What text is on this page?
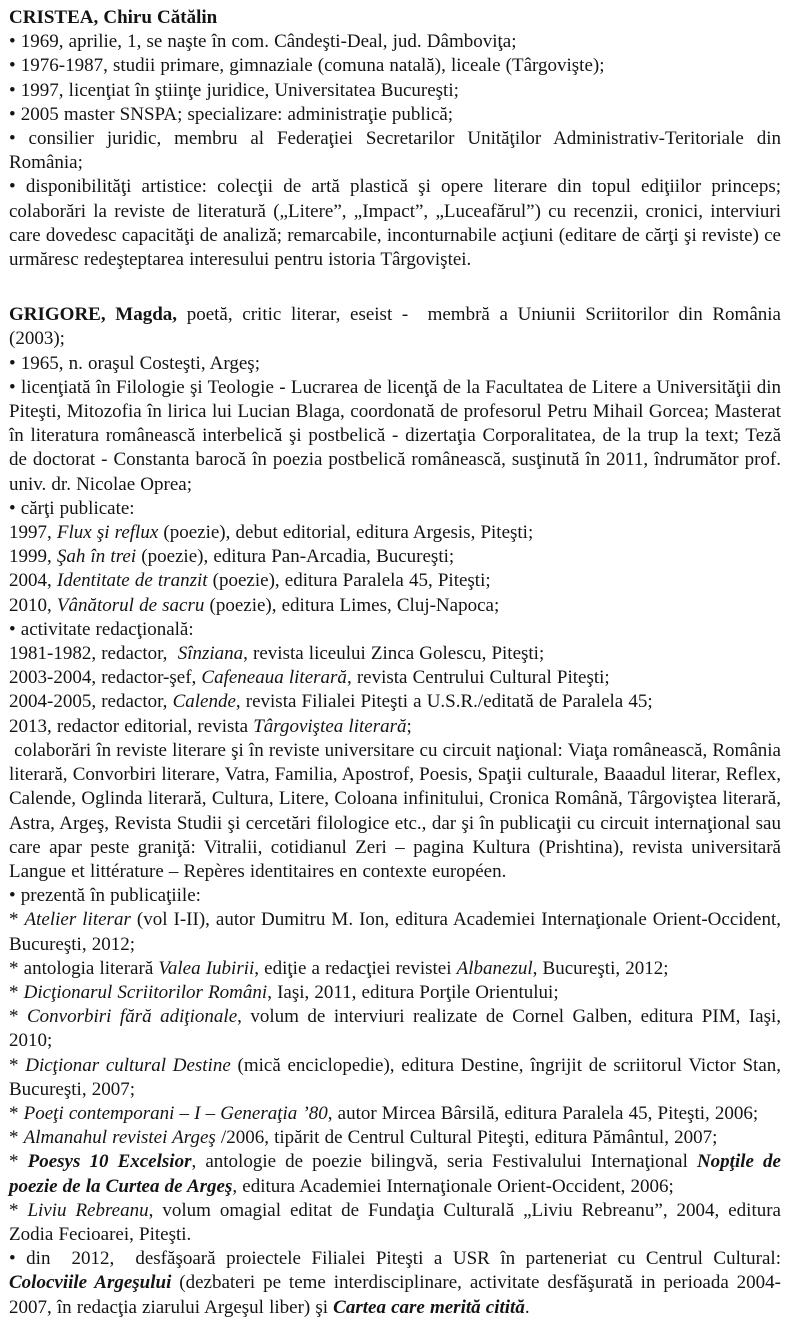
CRISTEA, Chiru Cătălin

• 1969, aprilie, 1, se naşte în com. Cândeşti-Deal, jud. Dâmboviţa;

• 1976-1987, studii primare, gimnaziale (comuna natală), liceale (Târgovişte);

• 1997, licenţiat în ştiinţe juridice, Universitatea Bucureşti;

• 2005 master SNSPA; specializare: administraţie publică;

• consilier juridic, membru al Federaţiei Secretarilor Unităţilor Administrativ-Teritoriale din România;

• disponibilităţi artistice: colecţii de artă plastică şi opere literare din topul ediţiilor princeps; colaborări la reviste de literatură („Litere”, „Impact”, „Luceafărul”) cu recenzii, cronici, interviuri care dovedesc capacităţi de analiză; remarcabile, inconturnabile acţiuni (editare de cărţi şi reviste) ce urmăresc redeşteptarea interesului pentru istoria Târgoviştei.

GRIGORE, Magda, poetă, critic literar, eseist -  membră a Uniunii Scriitorilor din România (2003);

• 1965, n. oraşul Costeşti, Argeş;

• licenţiată în Filologie şi Teologie - Lucrarea de licenţă de la Facultatea de Litere a Universităţii din Piteşti, Mitozofia în lirica lui Lucian Blaga, coordonată de profesorul Petru Mihail Gorcea; Masterat în literatura românească interbelică şi postbelică - dizertaţia Corporalitatea, de la trup la text; Teză de doctorat - Constanta barocă în poezia postbelică românească, susţinută în 2011, îndrumător prof. univ. dr. Nicolae Oprea;

• cărţi publicate:

1997, Flux şi reflux (poezie), debut editorial, editura Argesis, Piteşti;

1999, Şah în trei (poezie), editura Pan-Arcadia, Bucureşti;

2004, Identitate de tranzit (poezie), editura Paralela 45, Piteşti;

2010, Vânătorul de sacru (poezie), editura Limes, Cluj-Napoca;

• activitate redacţională:

1981-1982, redactor,  Sînziana, revista liceului Zinca Golescu, Piteşti;

2003-2004, redactor-şef, Cafeneaua literară, revista Centrului Cultural Piteşti;

2004-2005, redactor, Calende, revista Filialei Piteşti a U.S.R./editată de Paralela 45;

2013, redactor editorial, revista Târgoviştea literară;

colaborări în reviste literare şi în reviste universitare cu circuit naţional: Viaţa românească, România literară, Convorbiri literare, Vatra, Familia, Apostrof, Poesis, Spaţii culturale, Baaadul literar, Reflex, Calende, Oglinda literară, Cultura, Litere, Coloana infinitului, Cronica Română, Târgoviştea literară, Astra, Argeş, Revista Studii şi cercetări filologice etc., dar şi în publicaţii cu circuit internaţional sau care apar peste graniţă: Vitralii, cotidianul Zeri – pagina Kultura (Prishtina), revista universitară Langue et littérature – Repères identitaires en contexte européen.

• prezentă în publicaţiile:

* Atelier literar (vol I-II), autor Dumitru M. Ion, editura Academiei Internaţionale Orient-Occident, Bucureşti, 2012;

* antologia literară Valea Iubirii, ediţie a redacţiei revistei Albanezul, Bucureşti, 2012;

* Dicţionarul Scriitorilor Români, Iaşi, 2011, editura Porţile Orientului;

* Convorbiri fără adiţionale, volum de interviuri realizate de Cornel Galben, editura PIM, Iaşi, 2010;

* Dicţionar cultural Destine (mică enciclopedie), editura Destine, îngrijit de scriitorul Victor Stan, Bucureşti, 2007;

* Poeţi contemporani – I – Generaţia ’80, autor Mircea Bârsilă, editura Paralela 45, Piteşti, 2006;

* Almanahul revistei Argeş /2006, tipărit de Centrul Cultural Piteşti, editura Pământul, 2007;

* Poesys 10 Excelsior, antologie de poezie bilingvă, seria Festivalului Internaţional Nopţile de poezie de la Curtea de Argeş, editura Academiei Internaţionale Orient-Occident, 2006;

* Liviu Rebreanu, volum omagial editat de Fundaţia Culturală „Liviu Rebreanu”, 2004, editura Zodia Fecioarei, Piteşti.

• din  2012,  desfăşoară proiectele Filialei Piteşti a USR în parteneriat cu Centrul Cultural: Colocviile Argeşului (dezbateri pe teme interdisciplinare, activitate desfăşurată in perioada 2004-2007, în redacţia ziarului Argeşul liber) şi Cartea care merită citită.
